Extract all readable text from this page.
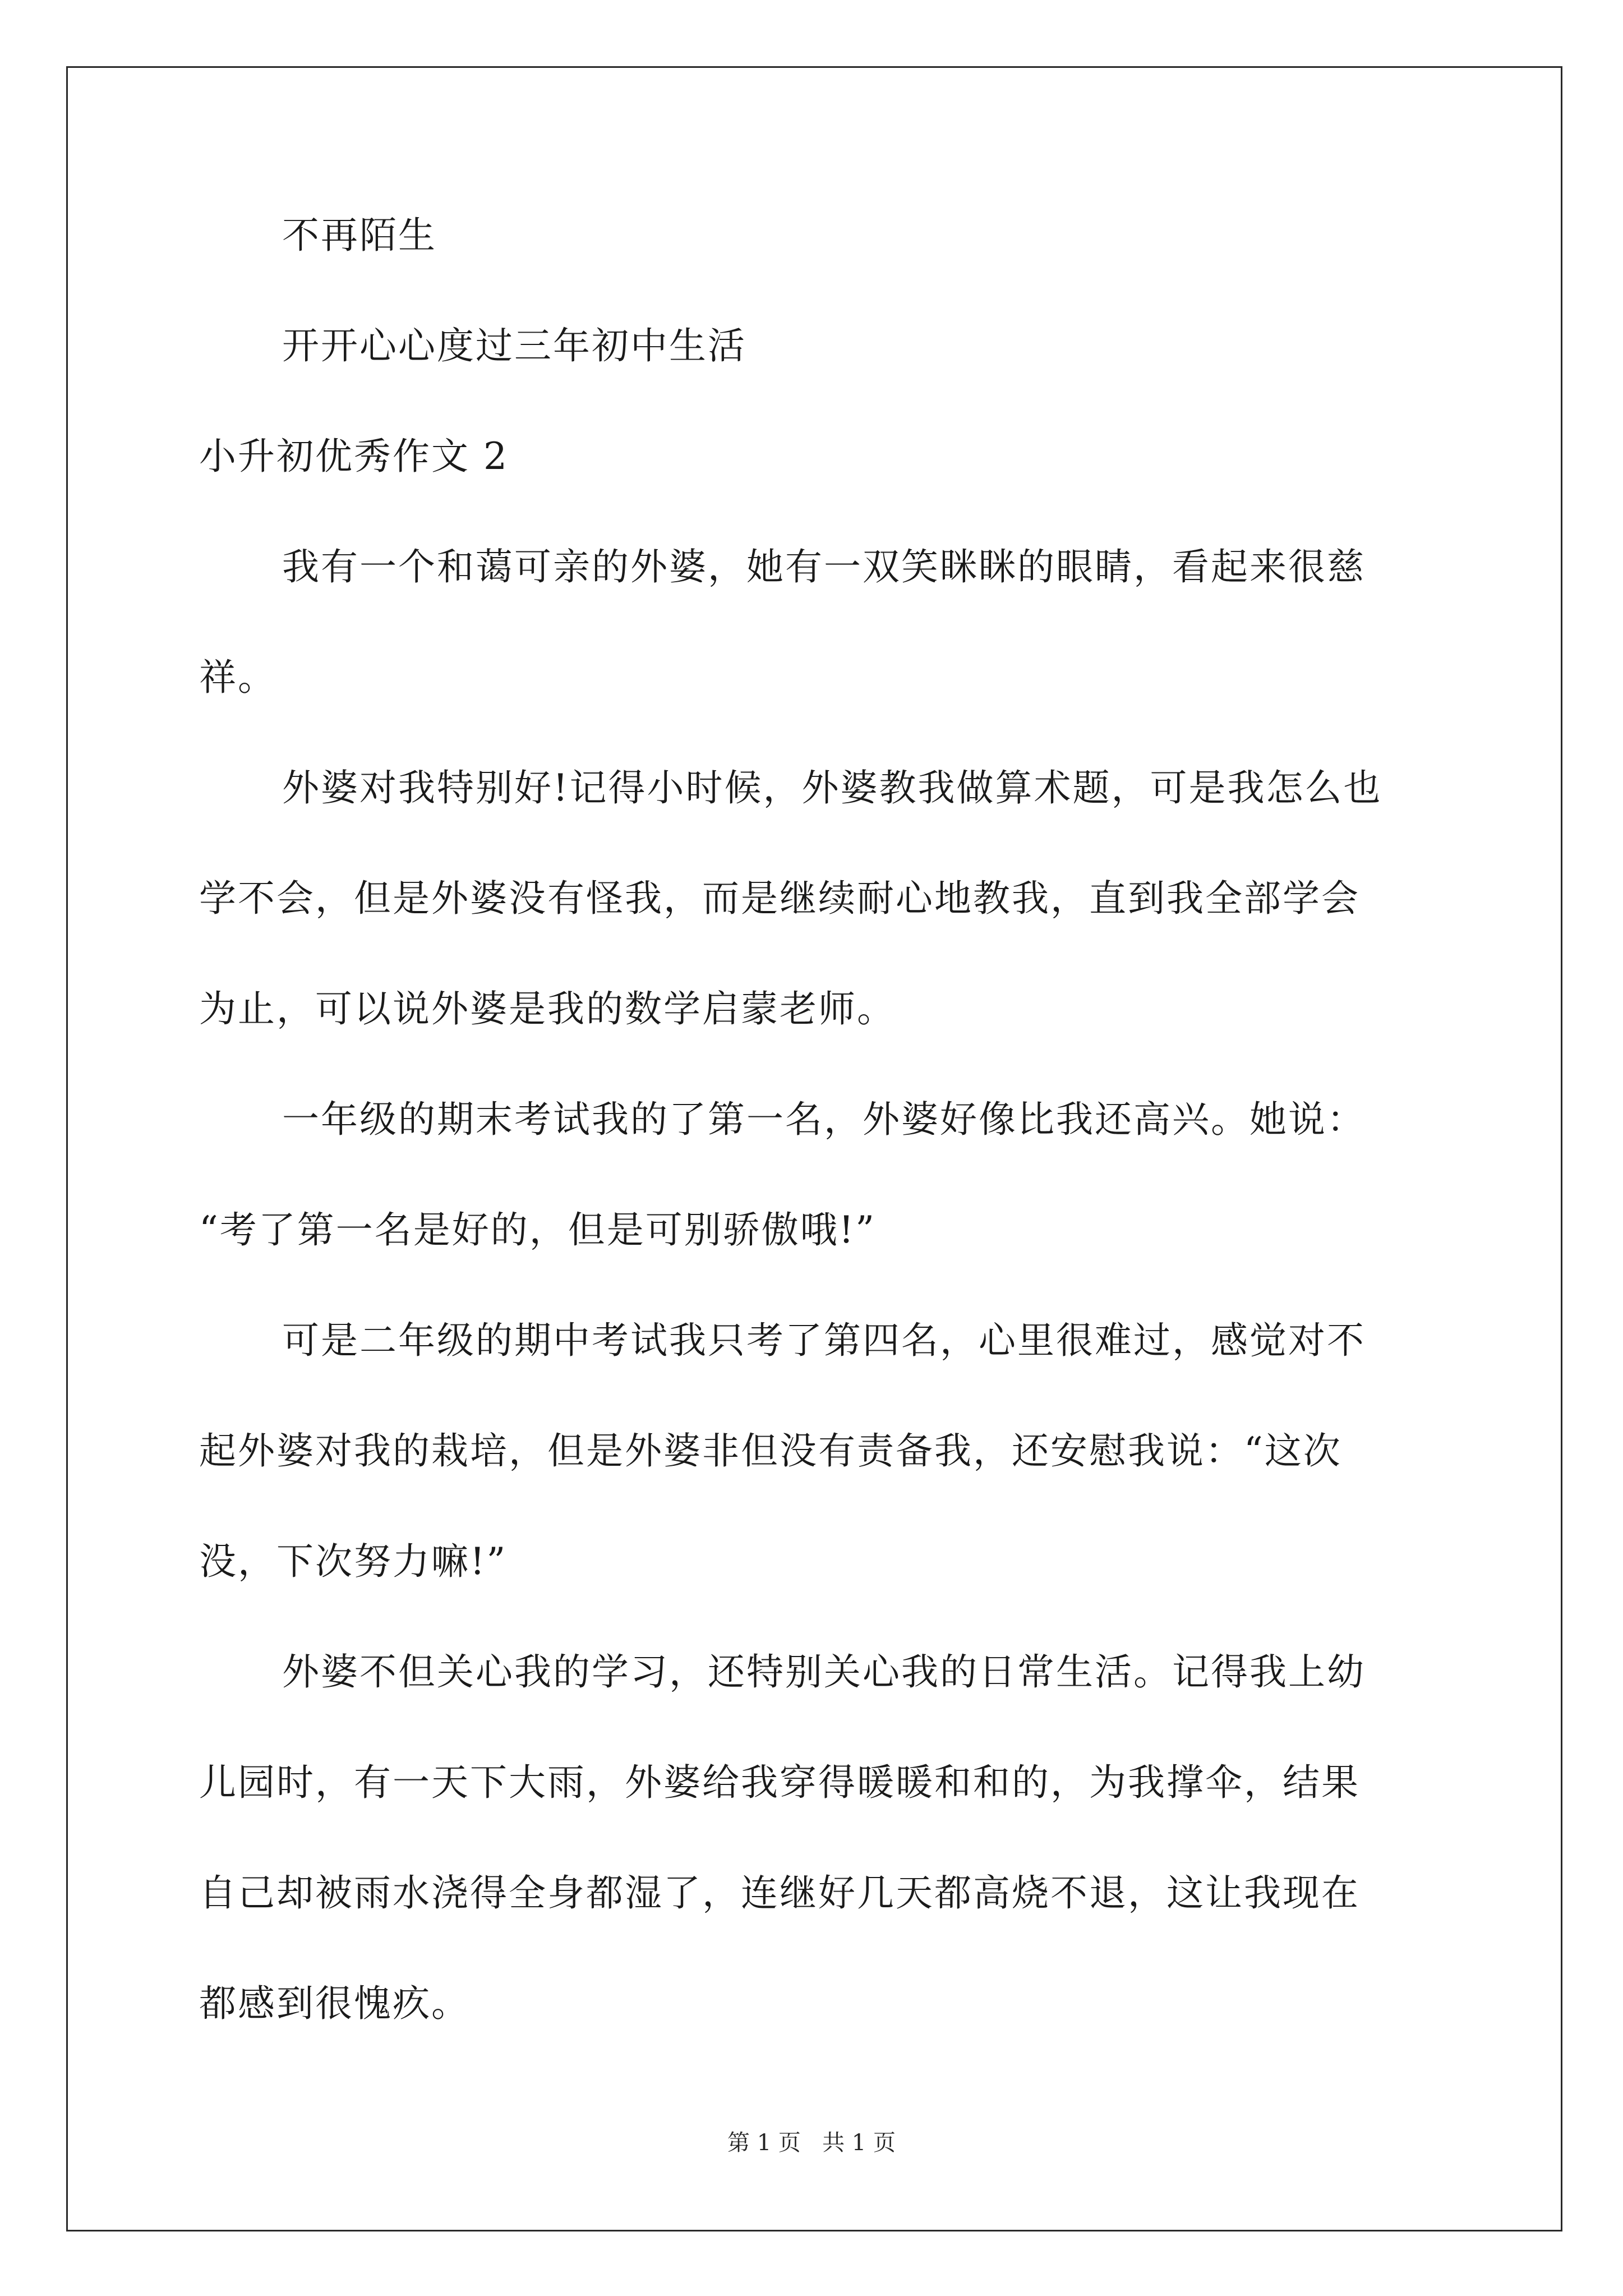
不再陌生
开开心心度过三年初中生活
小升初优秀作文 2
我有一个和蔼可亲的外婆，她有一双笑眯眯的眼睛，看起来很慈
祥。
外婆对我特别好!记得小时候，外婆教我做算术题，可是我怎么也
学不会，但是外婆没有怪我，而是继续耐心地教我，直到我全部学会
为止，可以说外婆是我的数学启蒙老师。
一年级的期末考试我的了第一名，外婆好像比我还高兴。她说：
“考了第一名是好的，但是可别骄傲哦!”
可是二年级的期中考试我只考了第四名，心里很难过，感觉对不
起外婆对我的栽培，但是外婆非但没有责备我，还安慰我说：“这次
没，下次努力嘛!”
外婆不但关心我的学习，还特别关心我的日常生活。记得我上幼
儿园时，有一天下大雨，外婆给我穿得暖暖和和的，为我撑伞，结果
自己却被雨水浇得全身都湿了，连继好几天都高烧不退，这让我现在
都感到很愧疚。
第 1 页   共 1 页
